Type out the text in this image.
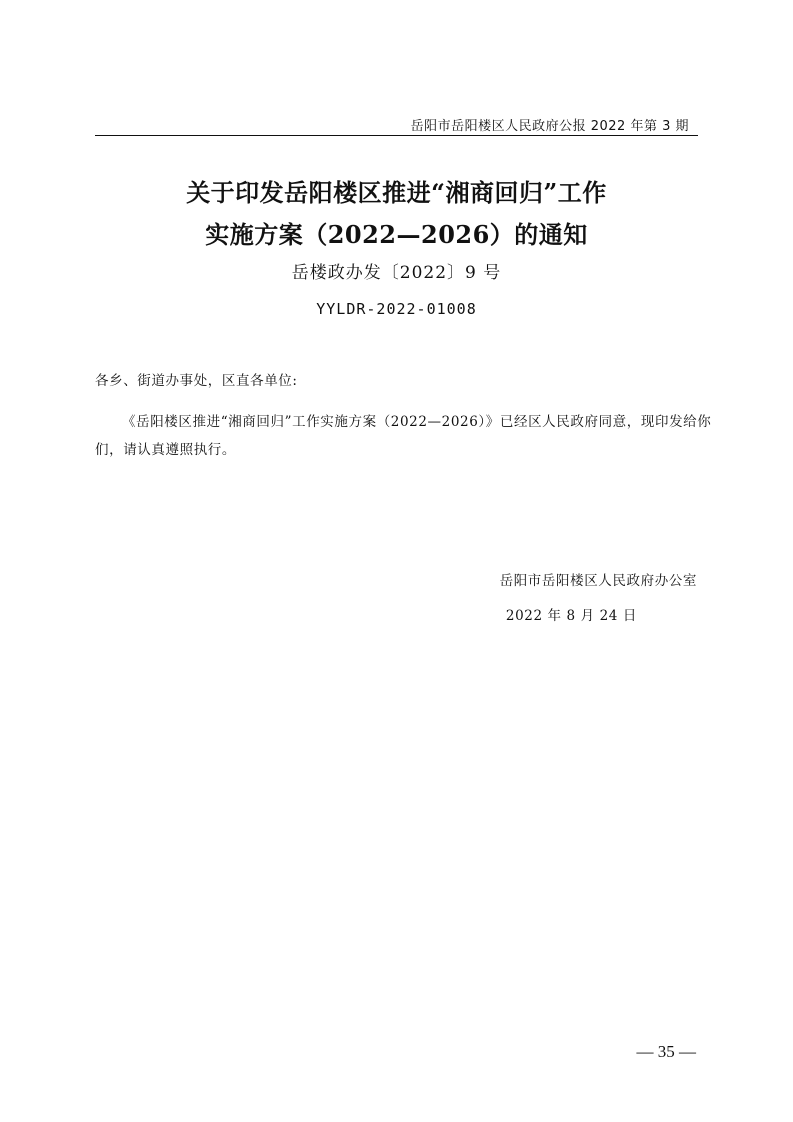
岳阳市岳阳楼区人民政府公报 2022 年第 3 期
关于印发岳阳楼区推进“湘商回归”工作
实施方案（2022—2026）的通知
岳楼政办发〔2022〕9 号
YYLDR-2022-01008
各乡、街道办事处，区直各单位:
《岳阳楼区推进“湘商回归”工作实施方案（2022—2026）》已经区人民政府同意，现印发给你
们，请认真遵照执行。
岳阳市岳阳楼区人民政府办公室
2022 年 8 月 24 日
— 35 —
